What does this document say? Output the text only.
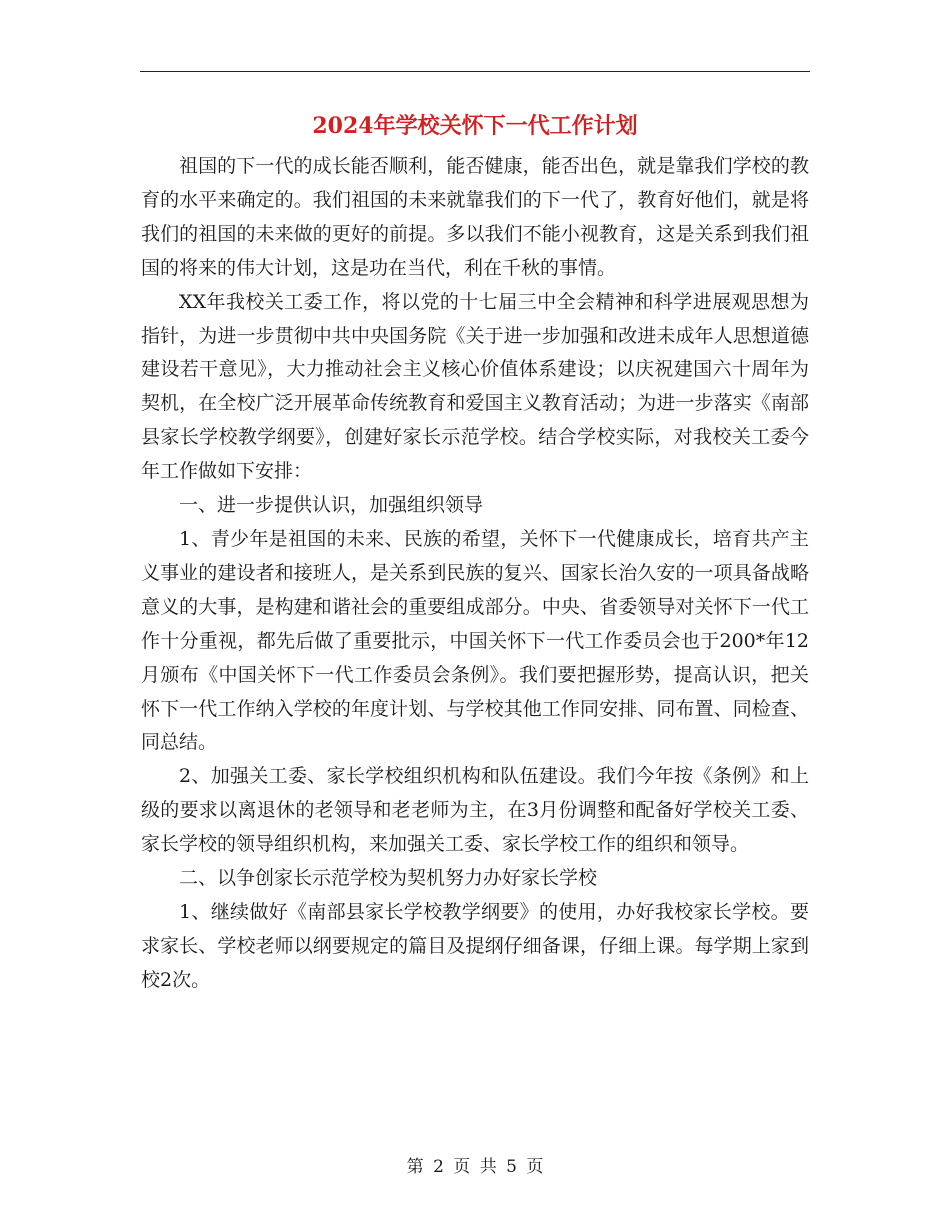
2024年学校关怀下一代工作计划

祖国的下一代的成长能否顺利，能否健康，能否出色，就是靠我们学校的教育的水平来确定的。我们祖国的未来就靠我们的下一代了，教育好他们，就是将我们的祖国的未来做的更好的前提。多以我们不能小视教育，这是关系到我们祖国的将来的伟大计划，这是功在当代，利在千秋的事情。

XX年我校关工委工作，将以党的十七届三中全会精神和科学进展观思想为指针，为进一步贯彻中共中央国务院《关于进一步加强和改进未成年人思想道德建设若干意见》，大力推动社会主义核心价值体系建设；以庆祝建国六十周年为契机，在全校广泛开展革命传统教育和爱国主义教育活动；为进一步落实《南部县家长学校教学纲要》，创建好家长示范学校。结合学校实际，对我校关工委今年工作做如下安排：

一、进一步提供认识，加强组织领导

1、青少年是祖国的未来、民族的希望，关怀下一代健康成长，培育共产主义事业的建设者和接班人，是关系到民族的复兴、国家长治久安的一项具备战略意义的大事，是构建和谐社会的重要组成部分。中央、省委领导对关怀下一代工作十分重视，都先后做了重要批示，中国关怀下一代工作委员会也于200*年12月颁布《中国关怀下一代工作委员会条例》。我们要把握形势，提高认识，把关怀下一代工作纳入学校的年度计划、与学校其他工作同安排、同布置、同检查、同总结。

2、加强关工委、家长学校组织机构和队伍建设。我们今年按《条例》和上级的要求以离退休的老领导和老老师为主，在3月份调整和配备好学校关工委、家长学校的领导组织机构，来加强关工委、家长学校工作的组织和领导。

二、以争创家长示范学校为契机努力办好家长学校

1、继续做好《南部县家长学校教学纲要》的使用，办好我校家长学校。要求家长、学校老师以纲要规定的篇目及提纲仔细备课，仔细上课。每学期上家到校2次。

第 2 页 共 5 页
